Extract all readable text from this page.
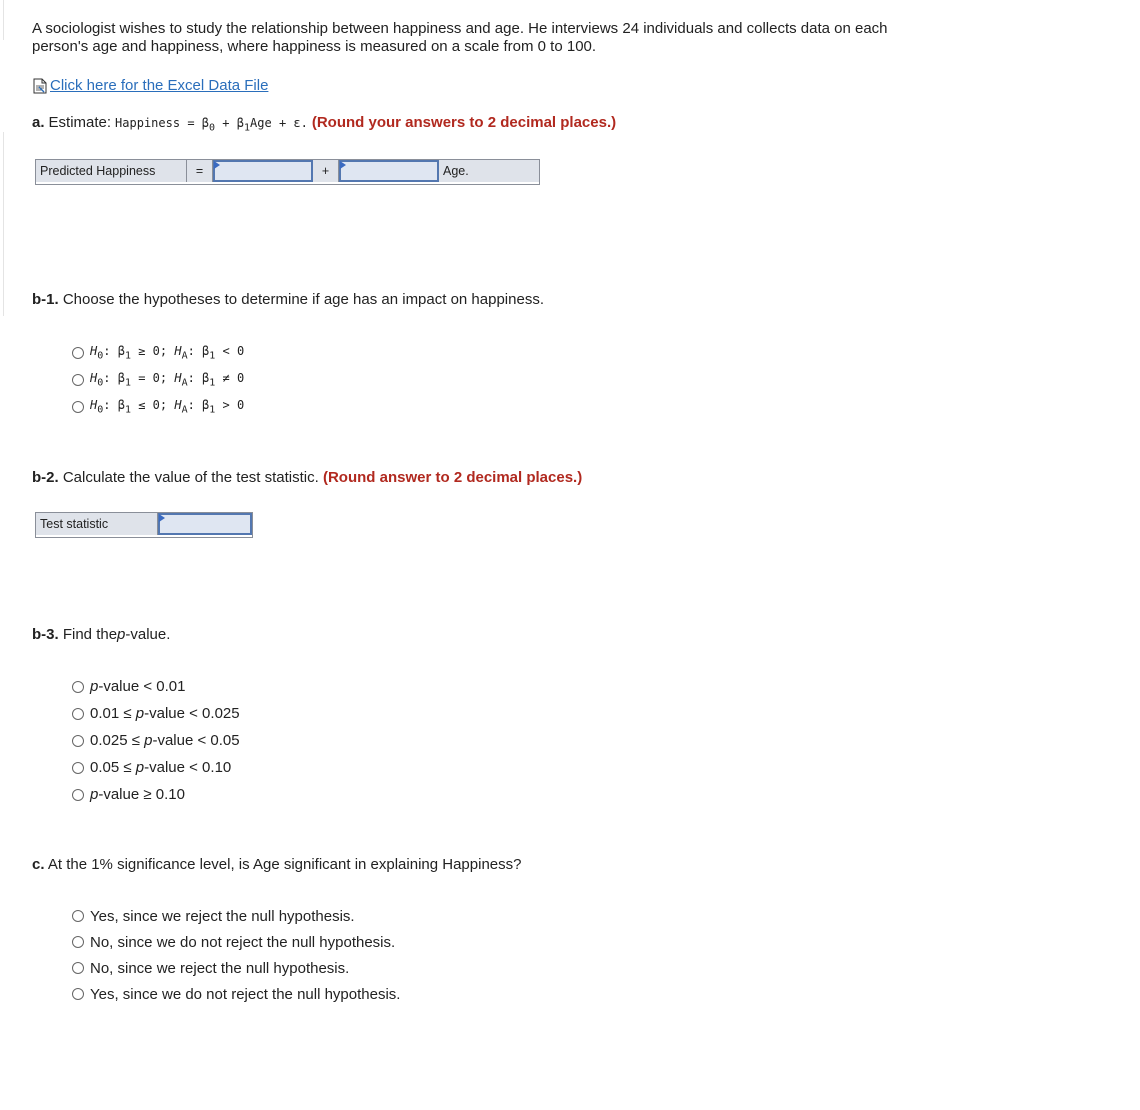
A sociologist wishes to study the relationship between happiness and age. He interviews 24 individuals and collects data on each
person's age and happiness, where happiness is measured on a scale from 0 to 100.
Click here for the Excel Data File
a. Estimate: Happiness = $\beta_0 + \beta_1Age + \varepsilon$. (Round your answers to 2 decimal places.)
Predicted Happiness	=	+	Age.
b-1. Choose the hypotheses to determine if age has an impact on happiness.
$H_0$: $\beta_1 \ge 0$; $H_A$: $\beta_1 < 0$
$H_0$: $\beta_1 = 0$; $H_A$: $\beta_1 \ne 0$
$H_0$: $\beta_1 \le 0$; $H_A$: $\beta_1 > 0$
b-2. Calculate the value of the test statistic. (Round answer to 2 decimal places.)
Test statistic
b-3. Find thep-value.
p-value < 0.01
0.01 ≤ p-value < 0.025
0.025 ≤ p-value < 0.05
0.05 ≤ p-value < 0.10
p-value ≥ 0.10
c. At the 1% significance level, is Age significant in explaining Happiness?
Yes, since we reject the null hypothesis.
No, since we do not reject the null hypothesis.
No, since we reject the null hypothesis.
Yes, since we do not reject the null hypothesis.
